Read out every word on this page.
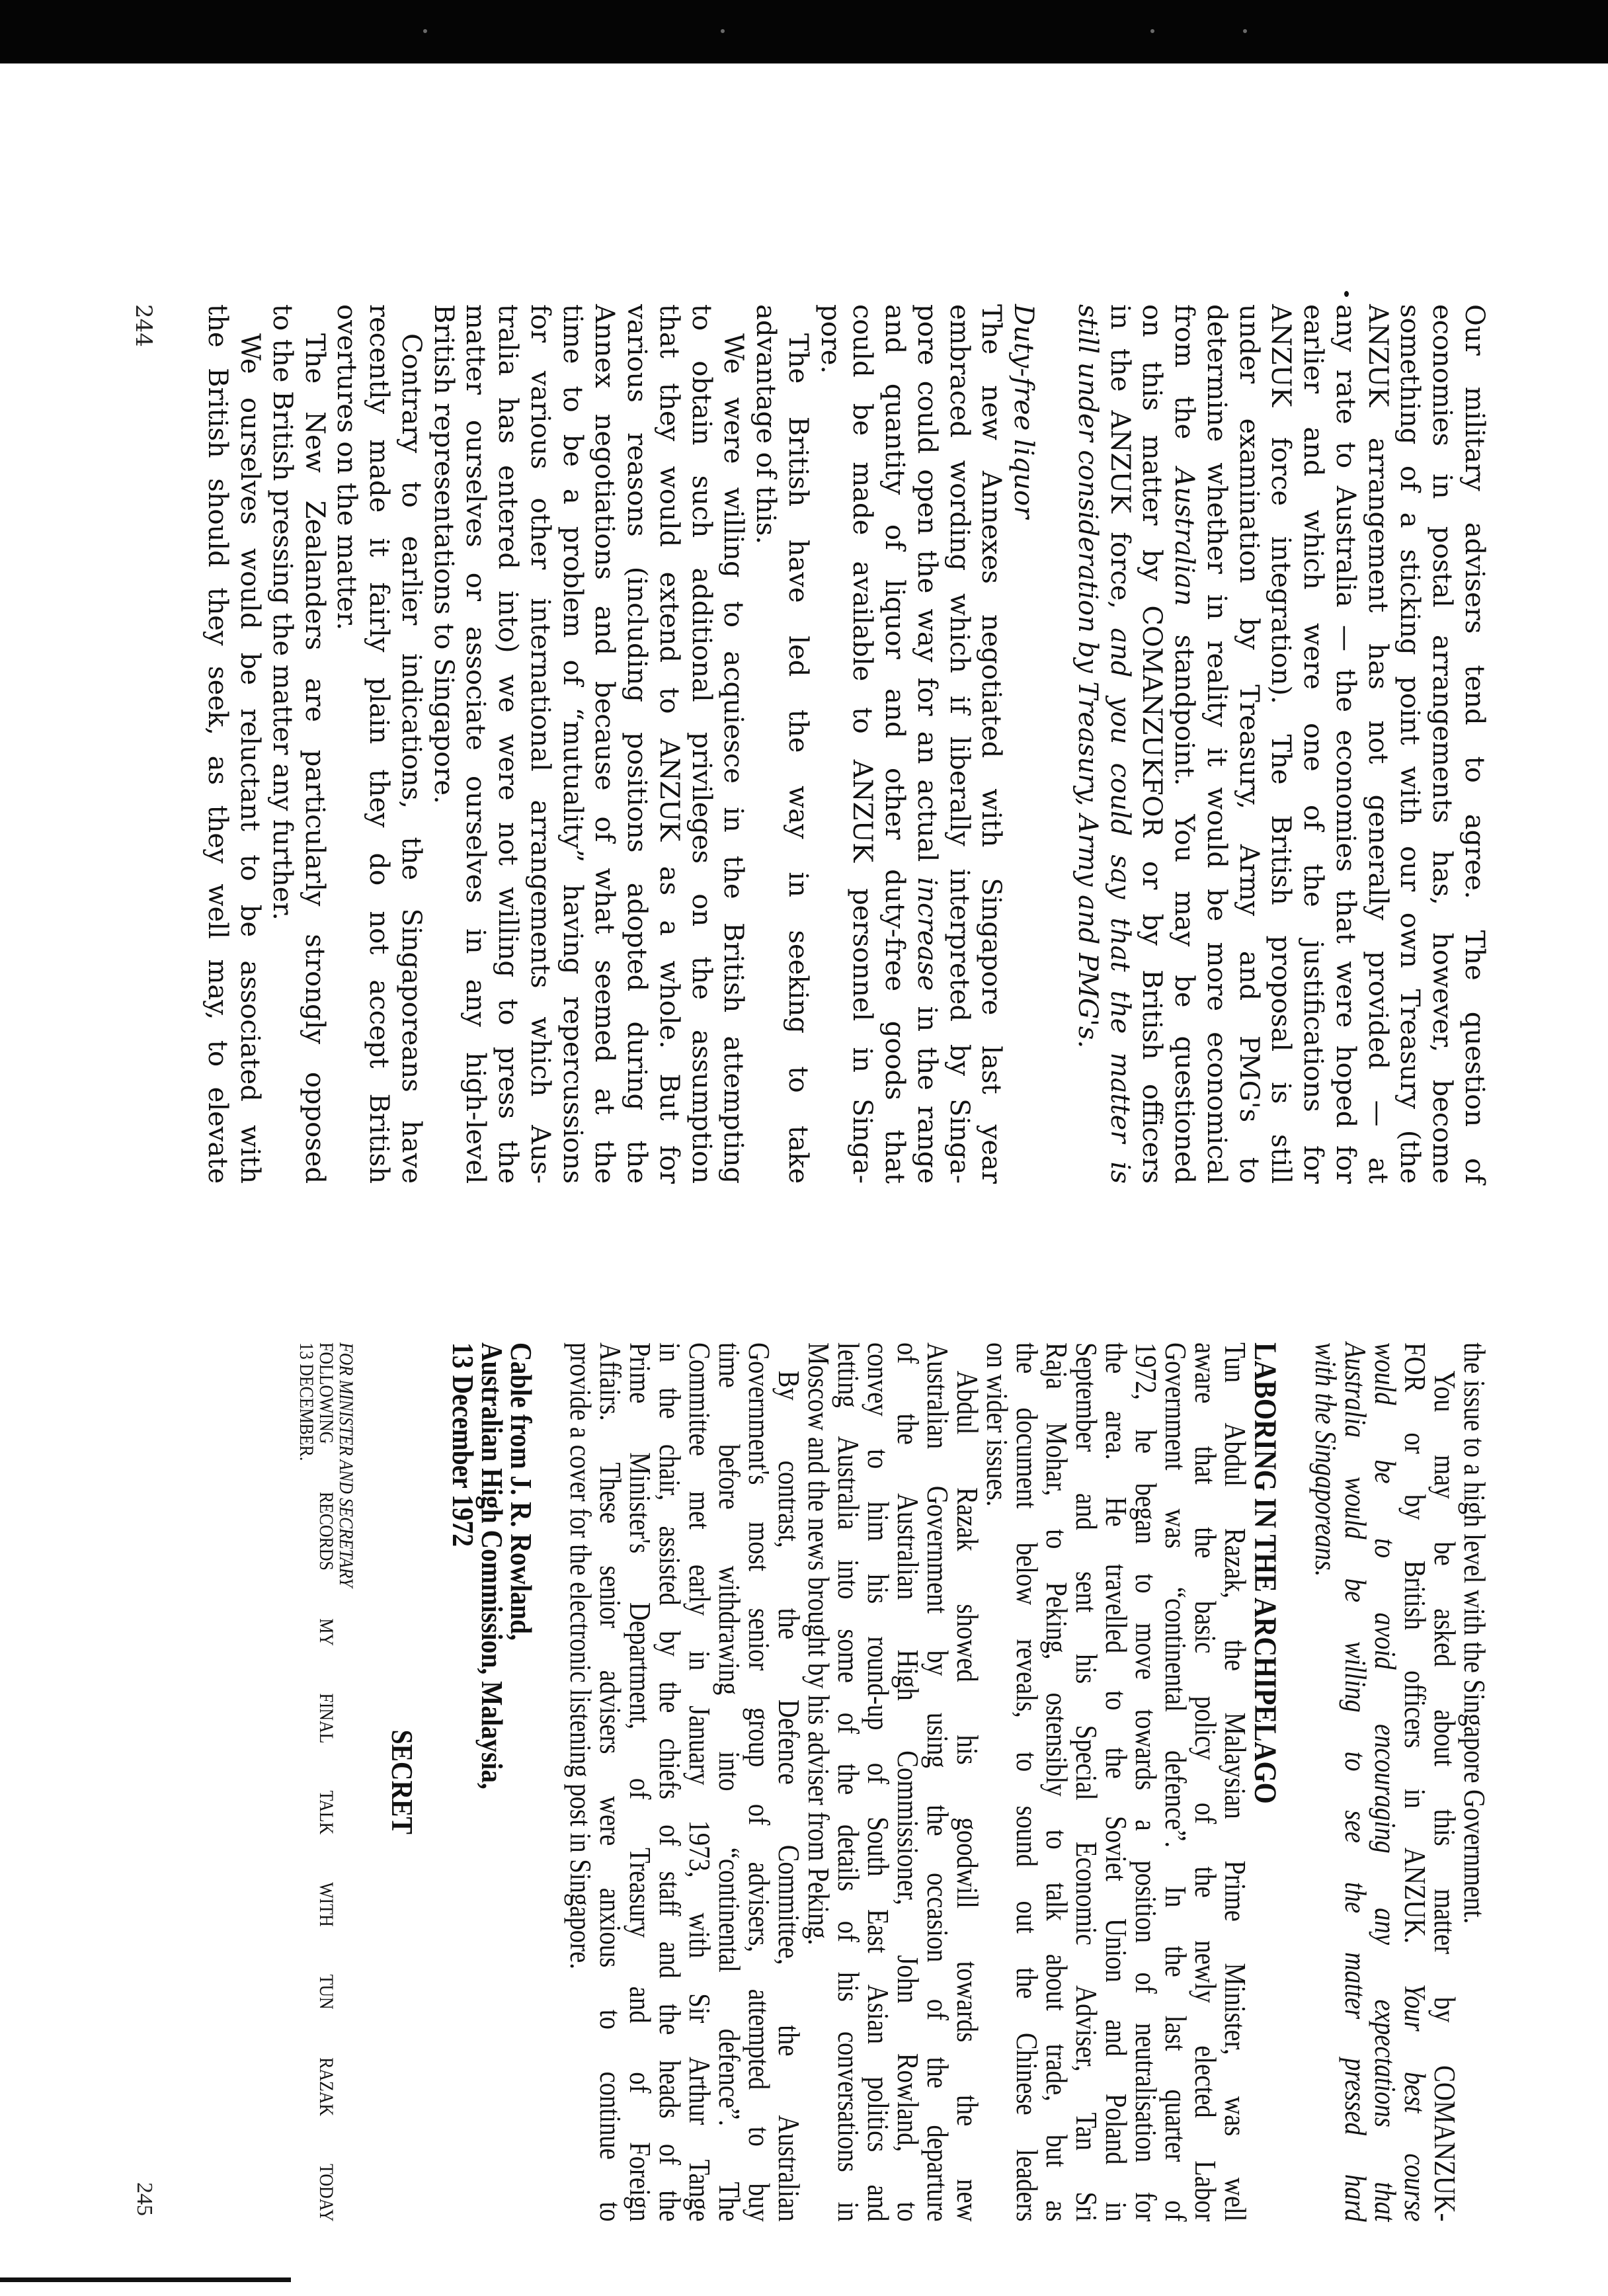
Our military advisers tend to agree. The question of
economies in postal arrangements has, however, become
something of a sticking point with our own Treasury (the
ANZUK arrangement has not generally provided — at
any rate to Australia — the economies that were hoped for
earlier and which were one of the justifications for
ANZUK force integration). The British proposal is still
under examination by Treasury, Army and PMG's to
determine whether in reality it would be more economical
from the Australian standpoint. You may be questioned
on this matter by COMANZUKFOR or by British officers
in the ANZUK force, and you could say that the matter is
still under consideration by Treasury, Army and PMG's.
Duty-free liquor
The new Annexes negotiated with Singapore last year
embraced wording which if liberally interpreted by Singa-
pore could open the way for an actual increase in the range
and quantity of liquor and other duty-free goods that
could be made available to ANZUK personnel in Singa-
pore.
The British have led the way in seeking to take
advantage of this.
We were willing to acquiesce in the British attempting
to obtain such additional privileges on the assumption
that they would extend to ANZUK as a whole. But for
various reasons (including positions adopted during the
Annex negotiations and because of what seemed at the
time to be a problem of “mutuality” having repercussions
for various other international arrangements which Aus-
tralia has entered into) we were not willing to press the
matter ourselves or associate ourselves in any high-level
British representations to Singapore.
Contrary to earlier indications, the Singaporeans have
recently made it fairly plain they do not accept British
overtures on the matter.
The New Zealanders are particularly strongly opposed
to the British pressing the matter any further.
We ourselves would be reluctant to be associated with
the British should they seek, as they well may, to elevate
the issue to a high level with the Singapore Government.
You may be asked about this matter by COMANZUK-
FOR or by British officers in ANZUK. Your best course
would be to avoid encouraging any expectations that
Australia would be willing to see the matter pressed hard
with the Singaporeans.
LABORING IN THE ARCHIPELAGO
Tun Abdul Razak, the Malaysian Prime Minister, was well
aware that the basic policy of the newly elected Labor
Government was “continental defence”. In the last quarter of
1972, he began to move towards a position of neutralisation for
the area. He travelled to the Soviet Union and Poland in
September and sent his Special Economic Adviser, Tan Sri
Raja Mohar, to Peking, ostensibly to talk about trade, but as
the document below reveals, to sound out the Chinese leaders
on wider issues.
Abdul Razak showed his goodwill towards the new
Australian Government by using the occasion of the departure
of the Australian High Commissioner, John Rowland, to
convey to him his round-up of South East Asian politics and
letting Australia into some of the details of his conversations in
Moscow and the news brought by his adviser from Peking.
By contrast, the Defence Committee, the Australian
Government's most senior group of advisers, attempted to buy
time before withdrawing into “continental defence”. The
Committee met early in January 1973, with Sir Arthur Tange
in the chair, assisted by the chiefs of staff and the heads of the
Prime Minister's Department, of Treasury and of Foreign
Affairs. These senior advisers were anxious to continue to
provide a cover for the electronic listening post in Singapore.
Cable from J. R. Rowland,
Australian High Commission, Malaysia,
13 December 1972
SECRET
FOR MINISTER AND SECRETARY
FOLLOWING RECORDS MY FINAL TALK WITH TUN RAZAK TODAY
13 DECEMBER.
244
245
